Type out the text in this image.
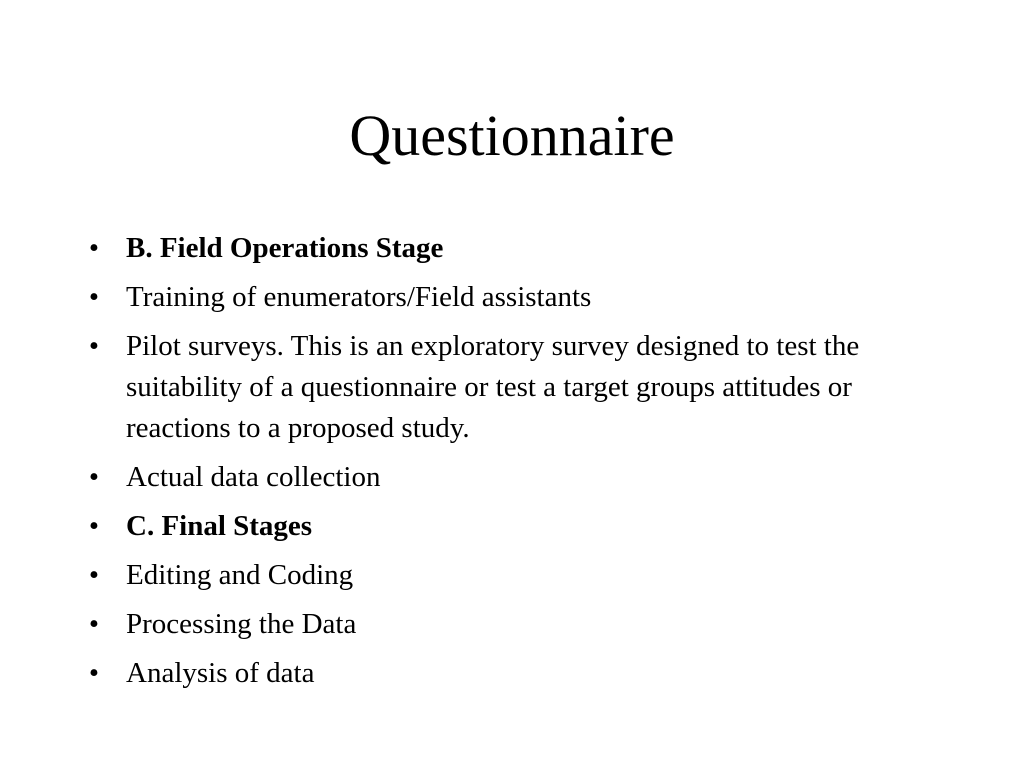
Questionnaire
• B. Field Operations Stage
• Training of enumerators/Field assistants
• Pilot surveys. This is an exploratory survey designed to test the suitability of a questionnaire or test a target groups attitudes or reactions to a proposed study.
• Actual data collection
• C. Final Stages
• Editing and Coding
• Processing the Data
• Analysis of data
